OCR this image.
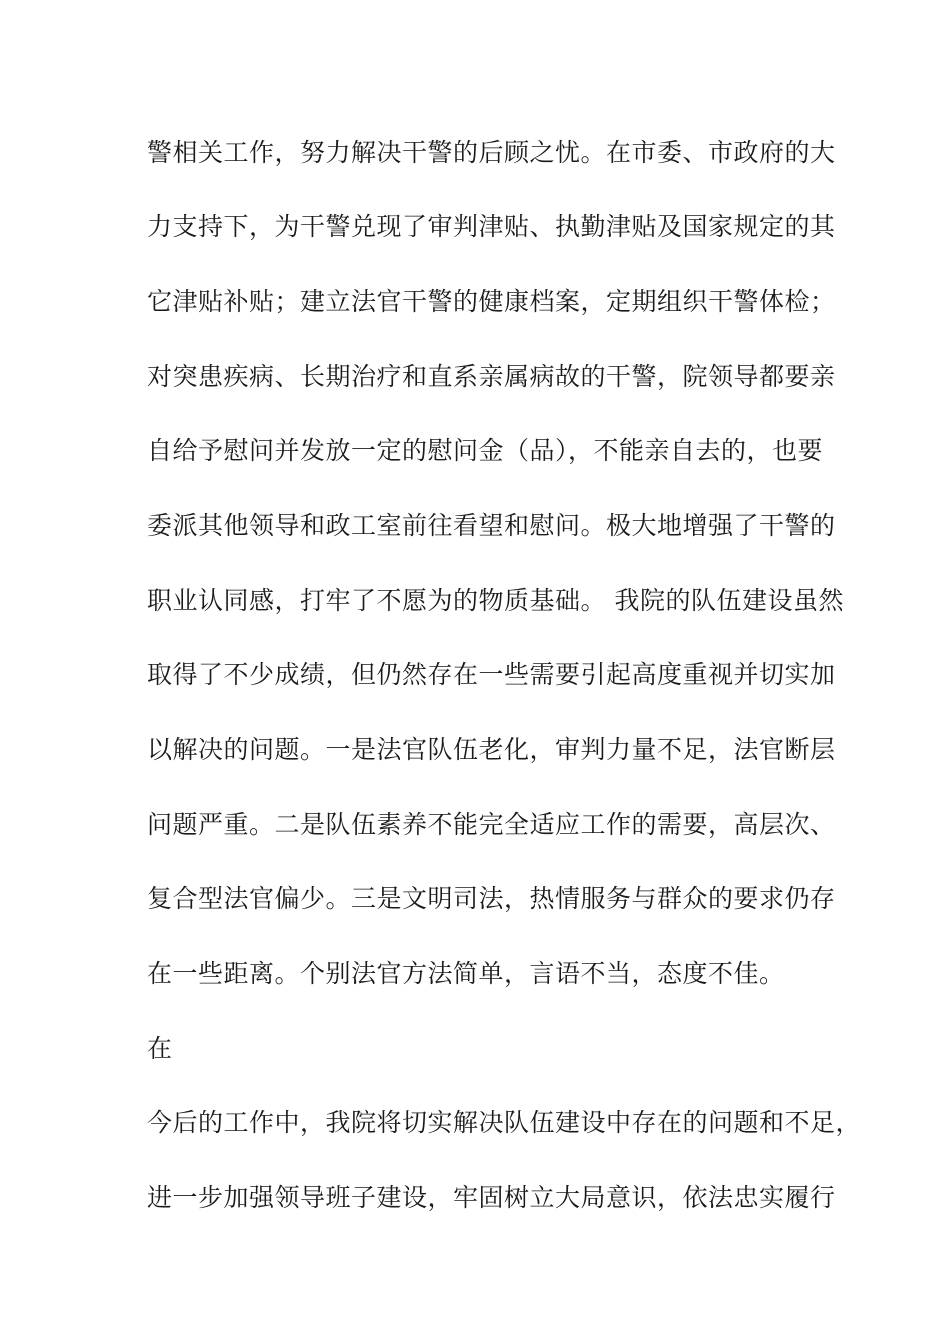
警相关工作，努力解决干警的后顾之忧。在市委、市政府的大
力支持下，为干警兑现了审判津贴、执勤津贴及国家规定的其
它津贴补贴；建立法官干警的健康档案，定期组织干警体检；
对突患疾病、长期治疗和直系亲属病故的干警，院领导都要亲
自给予慰问并发放一定的慰问金（品），不能亲自去的，也要
委派其他领导和政工室前往看望和慰问。极大地增强了干警的
职业认同感，打牢了不愿为的物质基础。 我院的队伍建设虽然
取得了不少成绩，但仍然存在一些需要引起高度重视并切实加
以解决的问题。一是法官队伍老化，审判力量不足，法官断层
问题严重。二是队伍素养不能完全适应工作的需要，高层次、
复合型法官偏少。三是文明司法，热情服务与群众的要求仍存
在一些距离。个别法官方法简单，言语不当，态度不佳。
在
今后的工作中，我院将切实解决队伍建设中存在的问题和不足，
进一步加强领导班子建设，牢固树立大局意识，依法忠实履行
